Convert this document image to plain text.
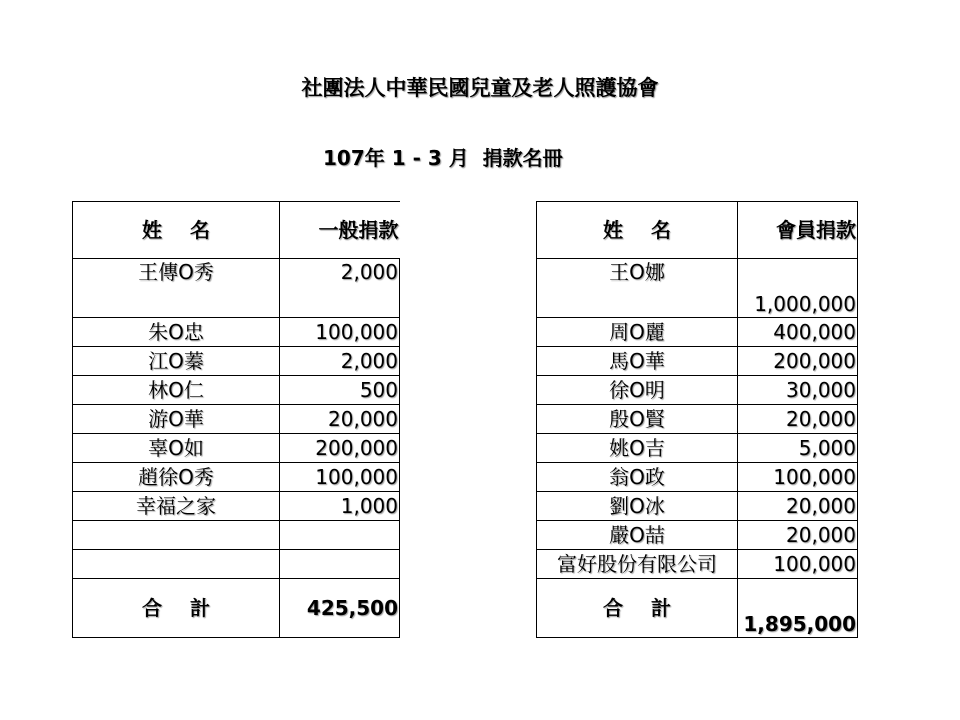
社團法人中華民國兒童及老人照護協會
107年 1 - 3 月  捐款名冊
姓名	一般捐款
王傳O秀	2,000
朱O忠	100,000
江O蓁	2,000
林O仁	500
游O華	20,000
辜O如	200,000
趙徐O秀	100,000
幸福之家	1,000

合計	425,500
姓名	會員捐款
王O娜	1,000,000
周O麗	400,000
馬O華	200,000
徐O明	30,000
殷O賢	20,000
姚O吉	5,000
翁O政	100,000
劉O冰	20,000
嚴O喆	20,000
富好股份有限公司	100,000
合計	1,895,000
